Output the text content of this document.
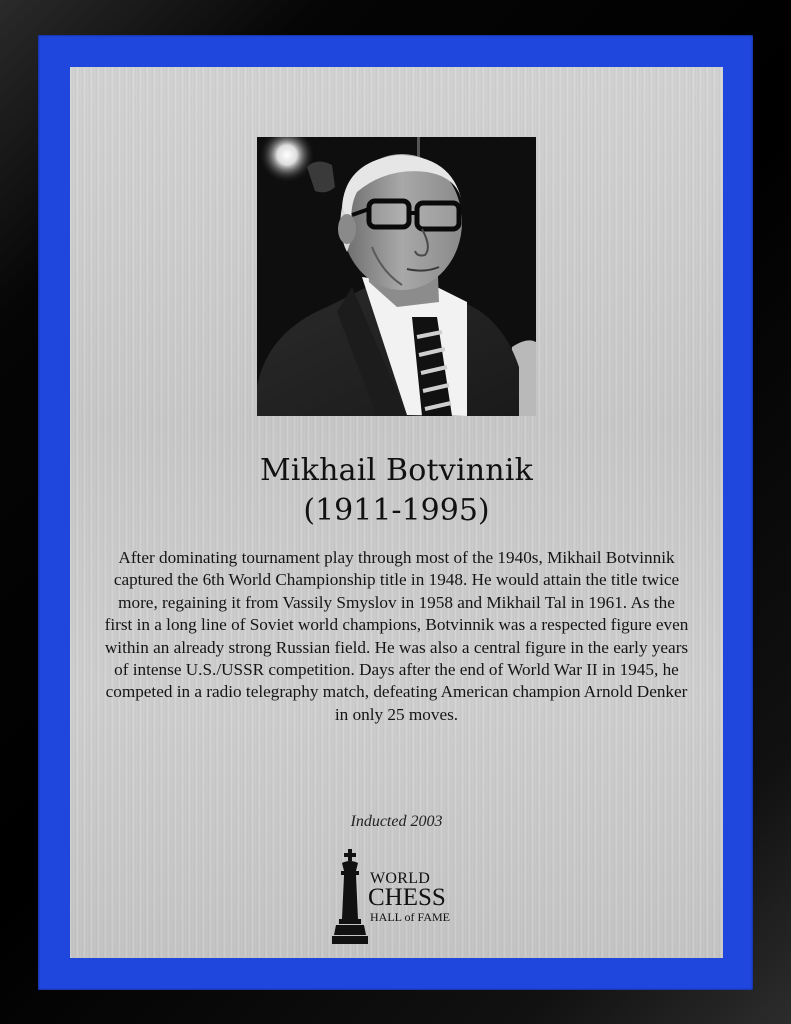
Mikhail Botvinnik
(1911-1995)
After dominating tournament play through most of the 1940s, Mikhail Botvinnik captured the 6th World Championship title in 1948. He would attain the title twice more, regaining it from Vassily Smyslov in 1958 and Mikhail Tal in 1961. As the first in a long line of Soviet world champions, Botvinnik was a respected figure even within an already strong Russian field. He was also a central figure in the early years of intense U.S./USSR competition. Days after the end of World War II in 1945, he competed in a radio telegraphy match, defeating American champion Arnold Denker in only 25 moves.
Inducted 2003
WORLD
CHESS
HALL of FAME
